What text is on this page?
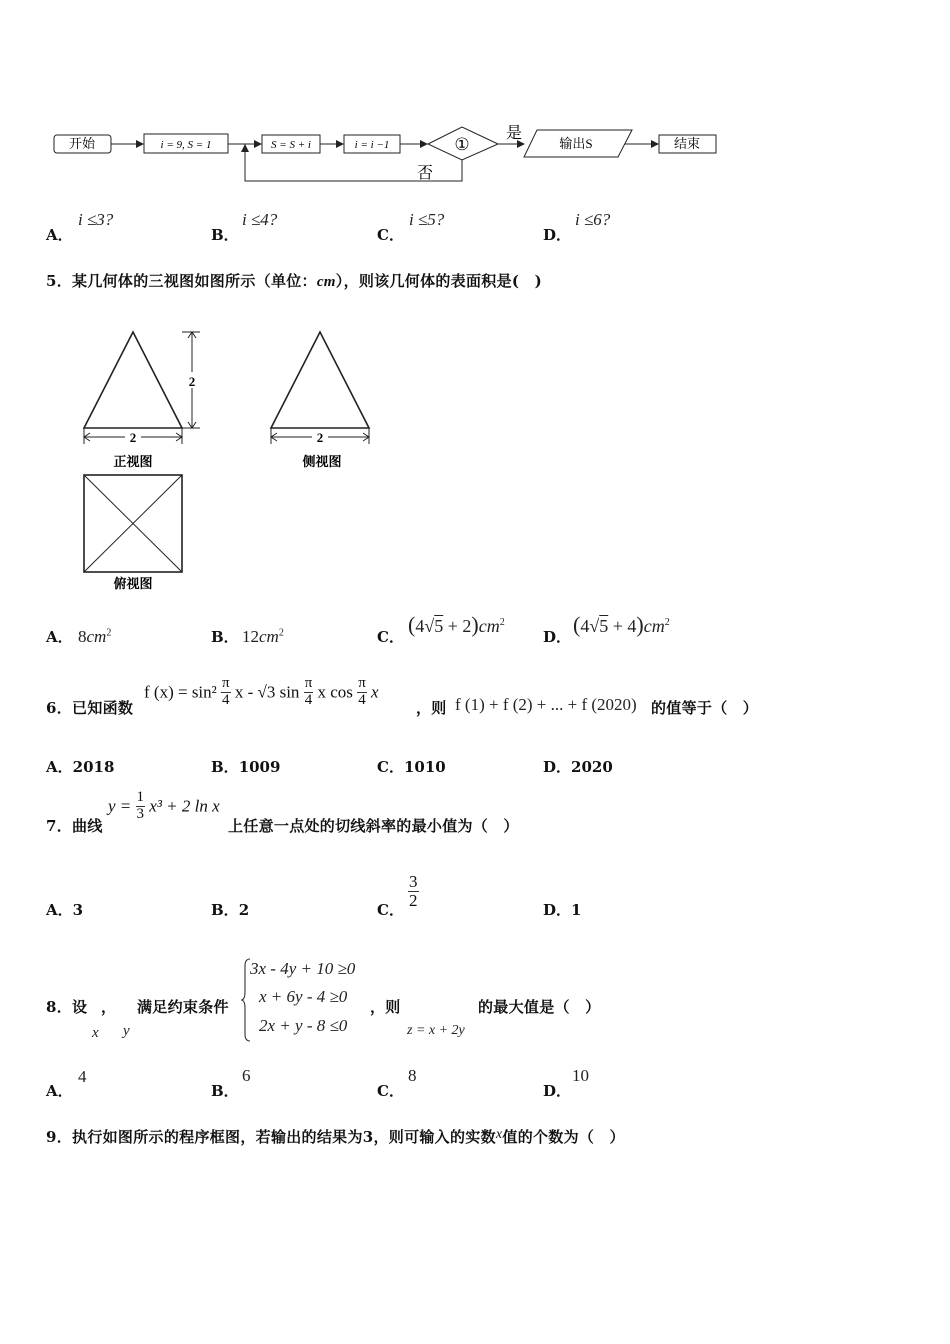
开始	i = 9, S = 1	S = S + i	i = i −1	①
是
输出S	结束
否
A．
i ≤3?
B．
i ≤4?
C．
i ≤5?
D．
i ≤6?
5．某几何体的三视图如图所示（单位：cm），则该几何体的表面积是(　)
2
2
正视图
2
侧视图
俯视图
A． $8cm^2$	B． $12cm^2$	C． $(4√5 + 2)cm^2$
D． $(4√5 + 4)cm^2$
6．已知函数
f $(x) = \sin^2 \frac{\pi}{4}$ x - √3 $\sin \frac{\pi}{4}$ x $\cos \frac{\pi}{4}$ x
，则 f (1) + f (2) + ... + f (2020) 的值等于（　）
A．2018	B．1009	C．1010	D．2020
7．曲线
$y = \frac{1}{3} x^3 + 2$ ln x
上任意一点处的切线斜率的最小值为（　）
A．3	B．2	C．
$\frac{3}{2}$
D．1
8．设 ， 满足约束条件
x y
3x - 4y + 10 ≥0
x + 6y - 4 ≥0
2x + y - 8 ≤0
，则
z = x + 2y
的最大值是（　）
A．
4
B．
6
C．
8
D．
10
9．执行如图所示的程序框图，若输出的结果为3，则可输入的实数x值的个数为（　）
